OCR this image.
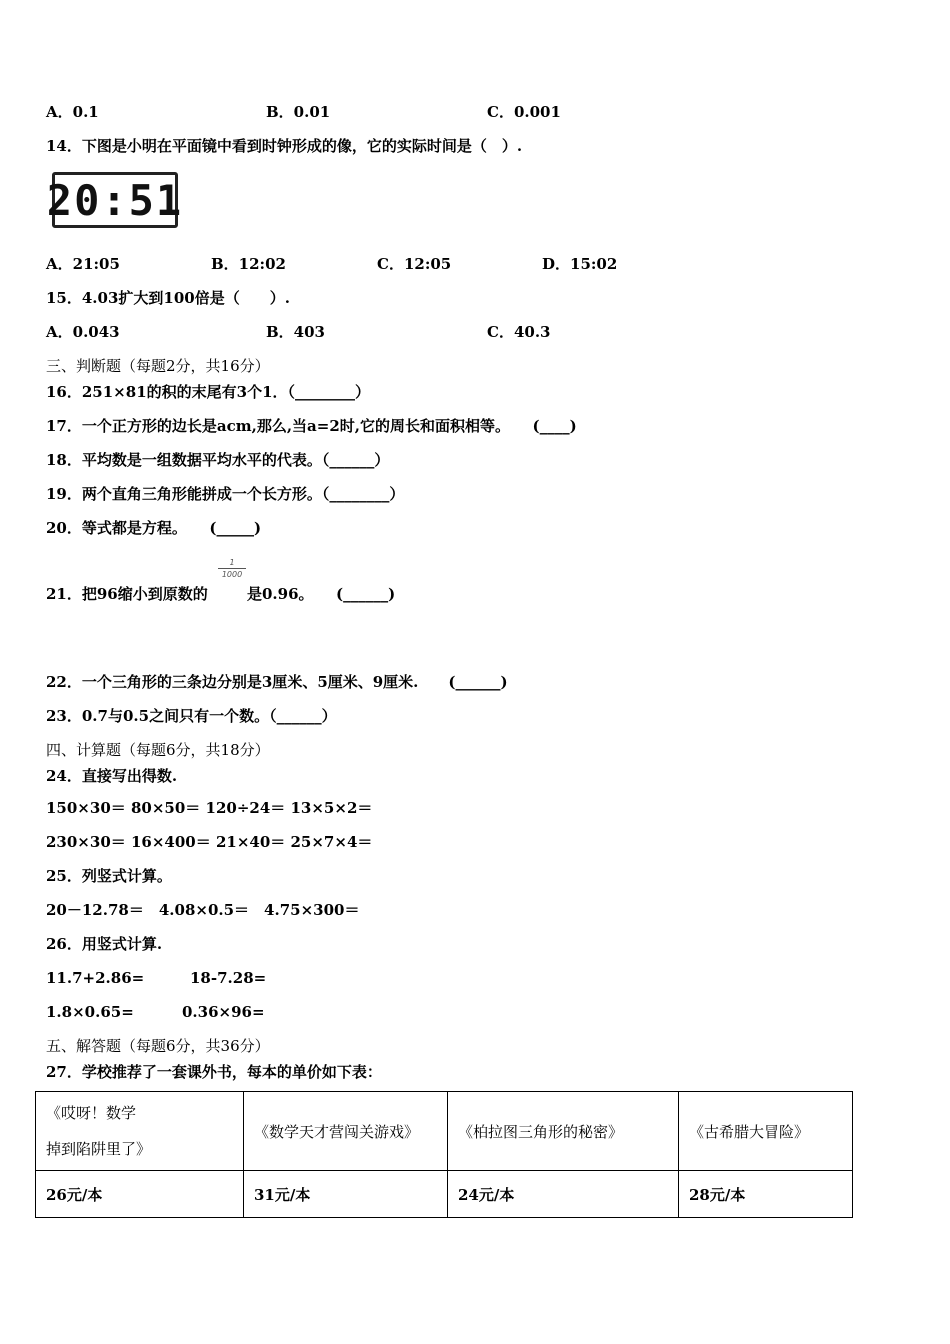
A．0.1	B．0.01	C．0.001
14．下图是小明在平面镜中看到时钟形成的像，它的实际时间是（　）.
20:51
A．21:05	B．12:02	C．12:05	D．15:02
15．4.03扩大到100倍是（　　）.
A．0.043	B．403	C．40.3
三、判断题（每题2分，共16分）
16．251×81的积的末尾有3个1．（________）
17．一个正方形的边长是acm,那么,当a=2时,它的周长和面积相等。　　(____)
18．平均数是一组数据平均水平的代表。（______）
19．两个直角三角形能拼成一个长方形。（________）
20．等式都是方程。　　(_____)
21．把96缩小到原数的
1
1000
是0.96。　　(______)
22．一个三角形的三条边分别是3厘米、5厘米、9厘米.　　(______)
23．0.7与0.5之间只有一个数。（______）
四、计算题（每题6分，共18分）
24．直接写出得数.
150×30＝ 80×50＝ 120÷24＝ 13×5×2＝
230×30＝ 16×400＝ 21×40＝ 25×7×4＝
25．列竖式计算。
20－12.78＝　4.08×0.5＝　4.75×300＝
26．用竖式计算.
11.7+2.86=	18-7.28=
1.8×0.65=	0.36×96=
五、解答题（每题6分，共36分）
27．学校推荐了一套课外书，每本的单价如下表：
《哎呀！数学
掉到陷阱里了》	《数学天才营闯关游戏》	《柏拉图三角形的秘密》	《古希腊大冒险》
26元/本	31元/本	24元/本	28元/本
